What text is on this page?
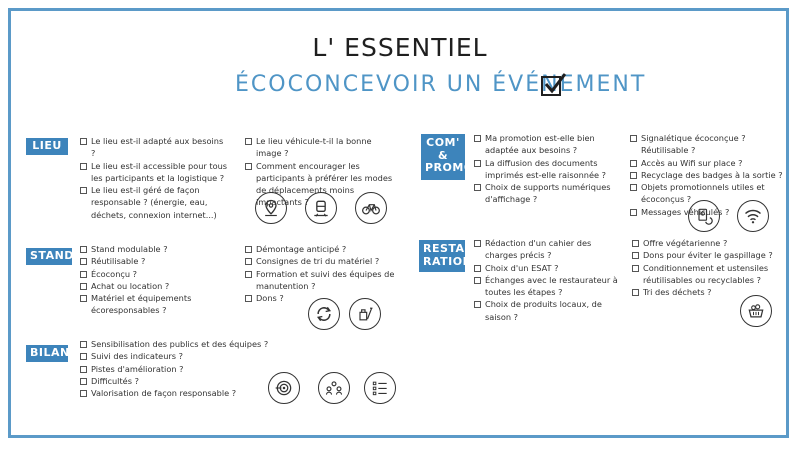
L' ESSENTIEL
ÉCOCONCEVOIR UN ÉVÉNEMENT
LIEU	Le lieu est-il adapté aux besoins ?
Le lieu est-il accessible pour tous les participants et la logistique ?
Le lieu est-il géré de façon responsable ? (énergie, eau, déchets, connexion internet...)
Le lieu véhicule-t-il la bonne image ?
Comment encourager les participants à préférer les modes de déplacements moins impactants ?
STAND	Stand modulable ?
Réutilisable ?
Écoconçu ?
Achat ou location ?
Matériel et équipements écoresponsables ?
Démontage anticipé ?
Consignes de tri du matériel ?
Formation et suivi des équipes de manutention ?
Dons ?
BILAN
Sensibilisation des publics et des équipes ?
Suivi des indicateurs ?
Pistes d'amélioration ?
Difficultés ?
Valorisation de façon responsable ?
COM'
&
PROMO
Ma promotion est-elle bien adaptée aux besoins ?
La diffusion des documents imprimés est-elle raisonnée ?
Choix de supports numériques d'affichage ?
Signalétique écoconçue ? Réutilisable ?
Accès au Wifi sur place ?
Recyclage des badges à la sortie ?
Objets promotionnels utiles et écoconçus ?
Messages véhiculés ?
RESTAU-
RATION
Rédaction d'un cahier des charges précis ?
Choix d'un ESAT ?
Échanges avec le restaurateur à toutes les étapes ?
Choix de produits locaux, de saison ?
Offre végétarienne ?
Dons pour éviter le gaspillage ?
Conditionnement et ustensiles réutilisables ou recyclables ?
Tri des déchets ?
